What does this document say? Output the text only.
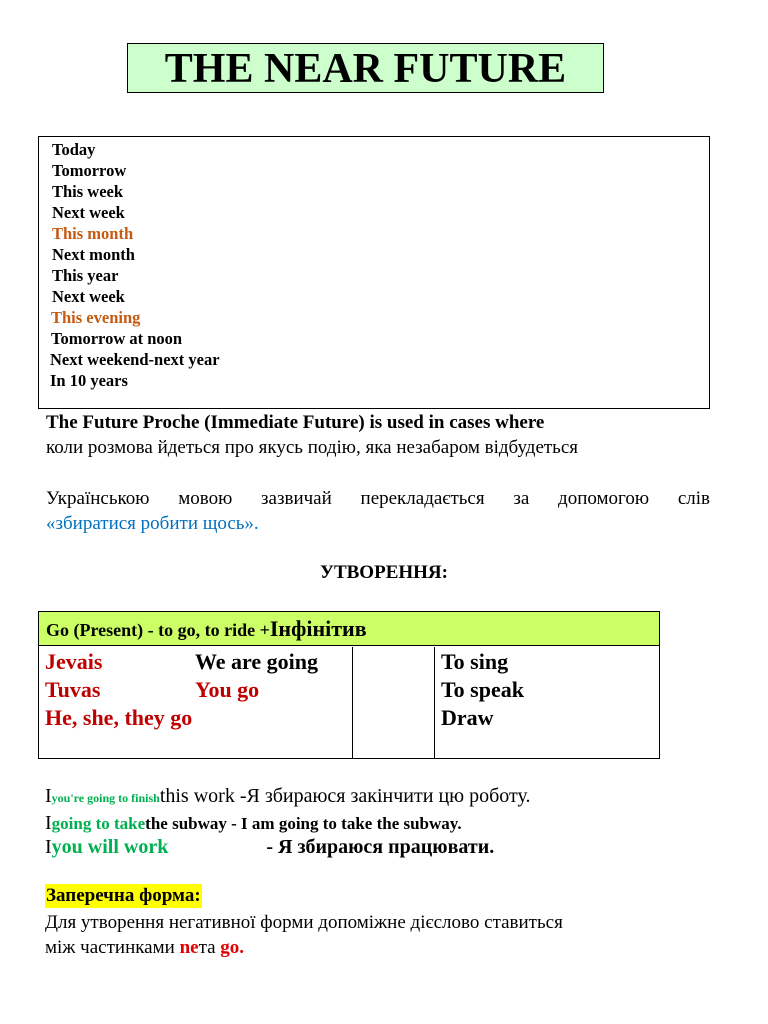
THE NEAR FUTURE
Today
Tomorrow
This week
Next week
This month
Next month
This year
Next week
This evening
Tomorrow at noon
Next weekend-next year
In 10 years
The Future Proche (Immediate Future) is used in cases where
коли розмова йдеться про якусь подію, яка незабаром відбудеться
Українською мовою зазвичай перекладається за допомогою слів
«збиратися робити щось».
УТВОРЕННЯ:
Go (Present) - to go, to ride +Інфінітив
Jevais
Tuvas
He, she, they go
We are going
You go
To sing
To speak
Draw
Iyou're going to finishthis work -Я збираюся закінчити цю роботу.
Igoing to takethe subway - I am going to take the subway.
Iyou will work	- Я збираюся працювати.
Заперечна форма:
Для утворення негативної форми допоміжне дієслово ставиться
між частинками neта go.
